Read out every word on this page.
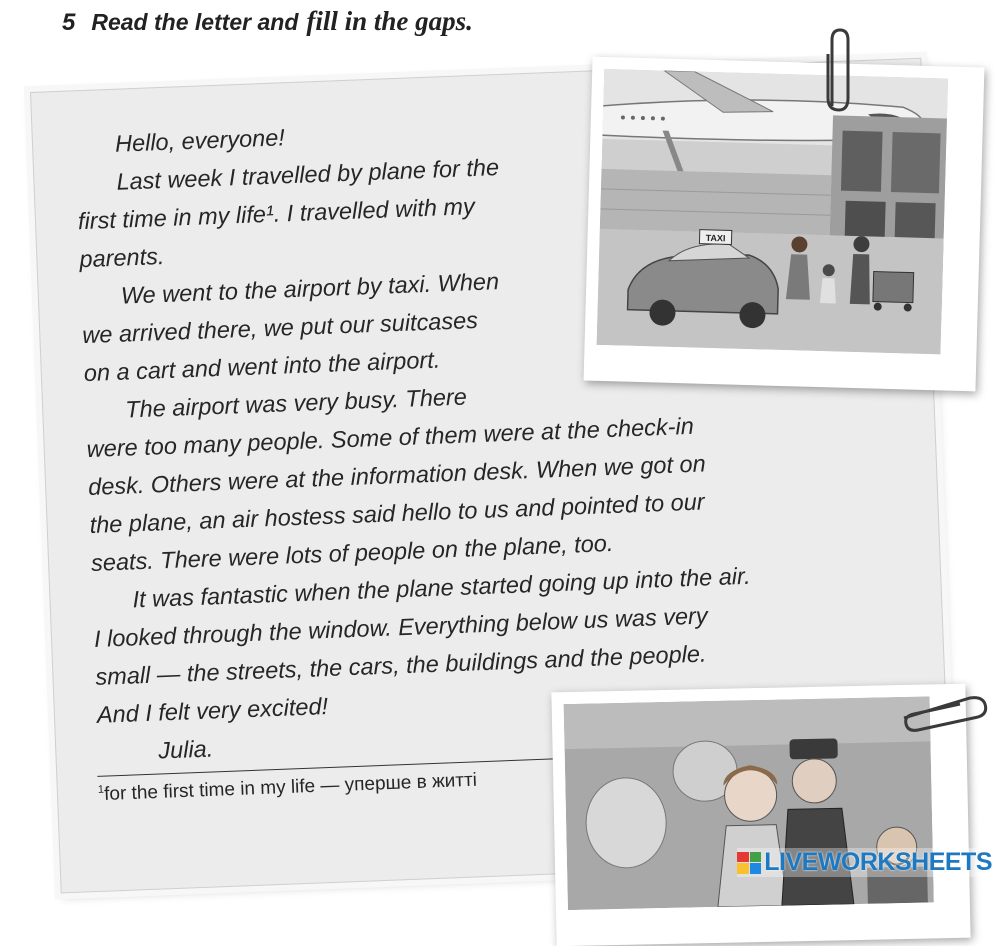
5 Read the letter and fill in the gaps.
Hello, everyone!
Last week I travelled by plane for the
first time in my life¹. I travelled with my
parents.
We went to the airport by taxi. When
we arrived there, we put our suitcases
on a cart and went into the airport.
The airport was very busy. There
were too many people. Some of them were at the check-in
desk. Others were at the information desk. When we got on
the plane, an air hostess said hello to us and pointed to our
seats. There were lots of people on the plane, too.
It was fantastic when the plane started going up into the air.
I looked through the window. Everything below us was very
small — the streets, the cars, the buildings and the people.
And I felt very excited!
Julia.
$^1$for the first time in my life — уперше в житті
TAXI
LIVEWORKSHEETS
